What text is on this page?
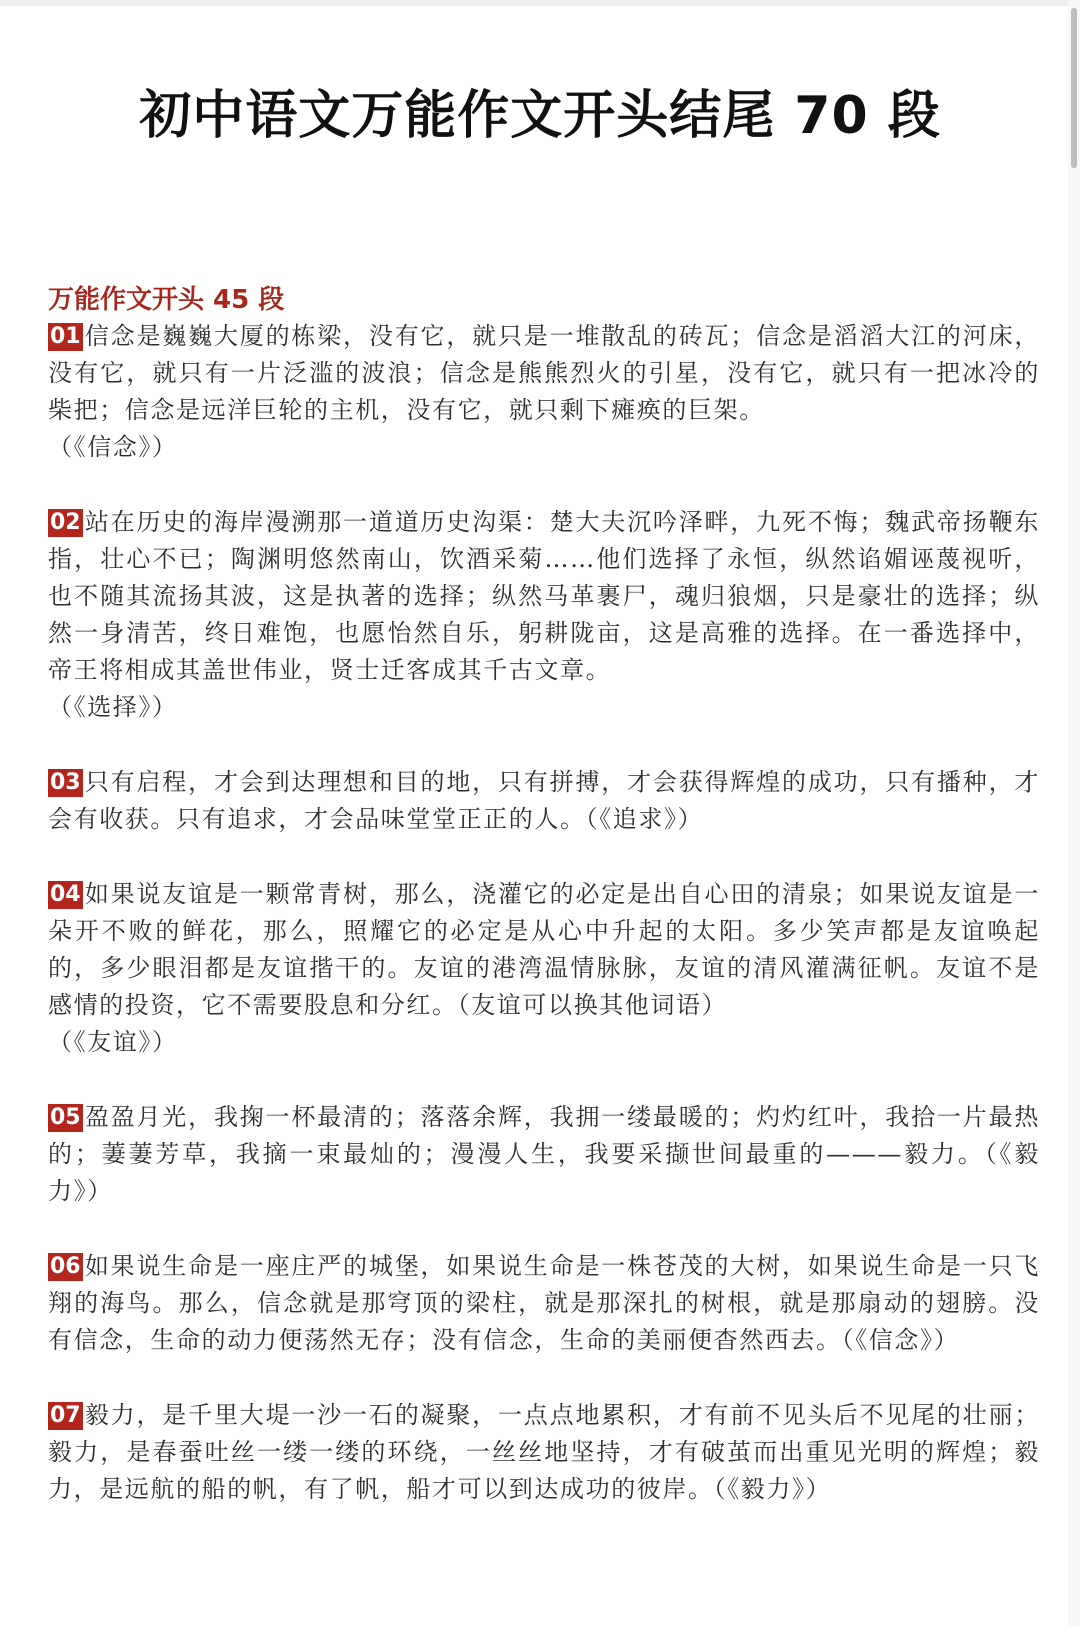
初中语文万能作文开头结尾 70 段
万能作文开头 45 段

01 信念是巍巍大厦的栋梁，没有它，就只是一堆散乱的砖瓦；信念是滔滔大江的河床，没有它，就只有一片泛滥的波浪；信念是熊熊烈火的引星，没有它，就只有一把冰冷的柴把；信念是远洋巨轮的主机，没有它，就只剩下瘫痪的巨架。
（《信念》）

02 站在历史的海岸漫溯那一道道历史沟渠：楚大夫沉吟泽畔，九死不悔；魏武帝扬鞭东指，壮心不已；陶渊明悠然南山，饮酒采菊……他们选择了永恒，纵然谄媚诬蔑视听，也不随其流扬其波，这是执著的选择；纵然马革裹尸，魂归狼烟，只是豪壮的选择；纵然一身清苦，终日难饱，也愿怡然自乐，躬耕陇亩，这是高雅的选择。在一番选择中，帝王将相成其盖世伟业，贤士迁客成其千古文章。
（《选择》）

03 只有启程，才会到达理想和目的地，只有拼搏，才会获得辉煌的成功，只有播种，才会有收获。只有追求，才会品味堂堂正正的人。（《追求》）

04 如果说友谊是一颗常青树，那么，浇灌它的必定是出自心田的清泉；如果说友谊是一朵开不败的鲜花，那么，照耀它的必定是从心中升起的太阳。多少笑声都是友谊唤起的，多少眼泪都是友谊揩干的。友谊的港湾温情脉脉，友谊的清风灌满征帆。友谊不是感情的投资，它不需要股息和分红。（友谊可以换其他词语）
（《友谊》）

05 盈盈月光，我掬一杯最清的；落落余辉，我拥一缕最暖的；灼灼红叶，我拾一片最热的；萋萋芳草，我摘一束最灿的；漫漫人生，我要采撷世间最重的———毅力。（《毅力》）

06 如果说生命是一座庄严的城堡，如果说生命是一株苍茂的大树，如果说生命是一只飞翔的海鸟。那么，信念就是那穹顶的梁柱，就是那深扎的树根，就是那扇动的翅膀。没有信念，生命的动力便荡然无存；没有信念，生命的美丽便杳然西去。（《信念》）

07 毅力，是千里大堤一沙一石的凝聚，一点点地累积，才有前不见头后不见尾的壮丽；毅力，是春蚕吐丝一缕一缕的环绕，一丝丝地坚持，才有破茧而出重见光明的辉煌；毅力，是远航的船的帆，有了帆，船才可以到达成功的彼岸。（《毅力》）
